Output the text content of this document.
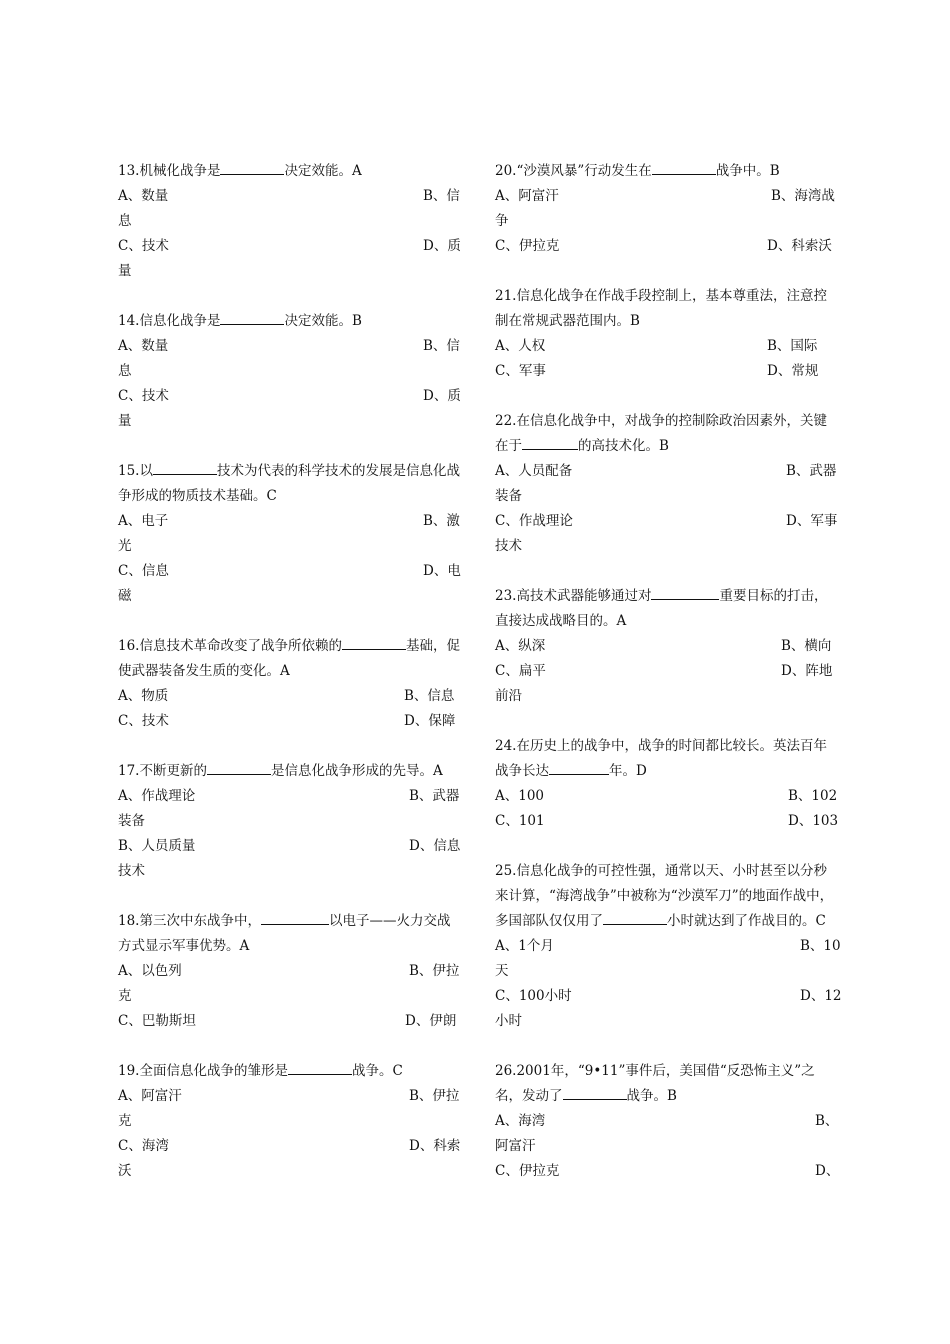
13.机械化战争是	决定效能。A

A、数量	B、信
息
C、技术	D、质
量

14.信息化战争是	决定效能。B

A、数量	B、信
息
C、技术	D、质
量

15.以	技术为代表的科学技术的发展是信息化战争形成的物质技术基础。C

A、电子	B、激
光
C、信息	D、电
磁

16.信息技术革命改变了战争所依赖的	基础，促使武器装备发生质的变化。A

A、物质	B、信息
C、技术	D、保障

17.不断更新的	是信息化战争形成的先导。A

A、作战理论	B、武器
装备
B、人员质量	D、信息
技术

18.第三次中东战争中，	以电子——火力交战方式显示军事优势。A

A、以色列	B、伊拉
克
C、巴勒斯坦	D、伊朗

19.全面信息化战争的雏形是	战争。C

A、阿富汗	B、伊拉
克
C、海湾	D、科索
沃

20.“沙漠风暴”行动发生在	战争中。B

A、阿富汗	B、海湾战
争
C、伊拉克	D、科索沃

21.信息化战争在作战手段控制上，基本尊重法，注意控制在常规武器范围内。B

A、人权	B、国际
C、军事	D、常规

22.在信息化战争中，对战争的控制除政治因素外，关键在于	的高技术化。B

A、人员配备	B、武器
装备
C、作战理论	D、军事
技术

23.高技术武器能够通过对	重要目标的打击，直接达成战略目的。A

A、纵深	B、横向
C、扁平	D、阵地
前沿

24.在历史上的战争中，战争的时间都比较长。英法百年战争长达	年。D

A、100	B、102
C、101	D、103

25.信息化战争的可控性强，通常以天、小时甚至以分秒来计算，“海湾战争”中被称为“沙漠军刀”的地面作战中，多国部队仅仅用了	小时就达到了作战目的。C

A、1个月	B、10
天
C、100小时	D、12
小时

26.2001年，“9•11”事件后，美国借“反恐怖主义”之名，发动了	战争。B

A、海湾	B、
阿富汗
C、伊拉克	D、
